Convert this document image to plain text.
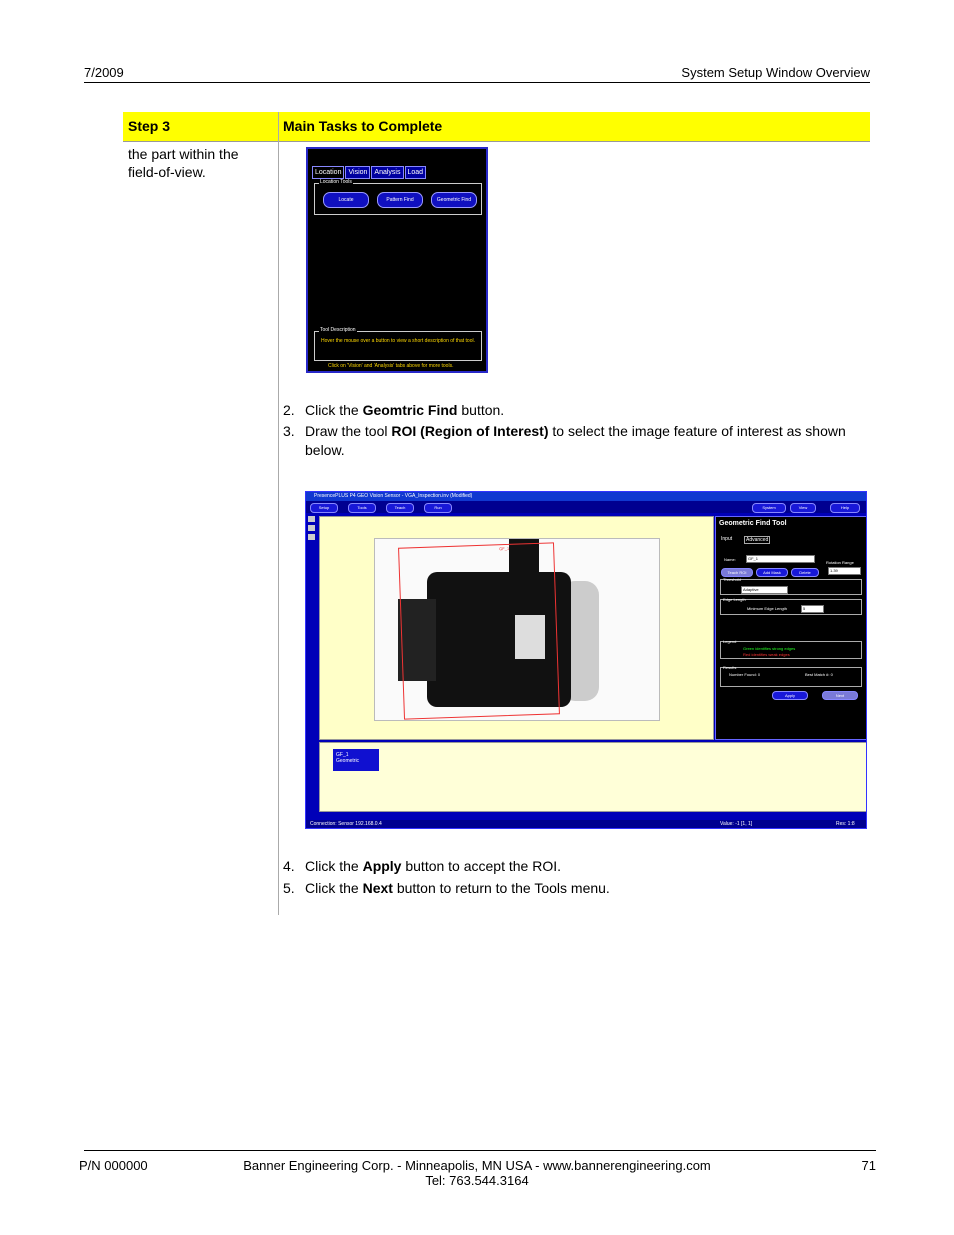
7/2009	System Setup Window Overview
Step 3	Main Tasks to Complete
the part within the field-of-view.	Location Vision Analysis Load
Location Tools
Locate	Pattern Find	Geometric Find
Tool Description
Hover the mouse over a button to view a short description of that tool.
Click on 'Vision' and 'Analysis' tabs above for more tools.
2. Click the Geomtric Find button.
3. Draw the tool ROI (Region of Interest) to select the image feature of interest as shown below.
PresencePLUS P4 GEO Vision Sensor - VGA_Inspection.inv (Modified)
Setup	Tools	Teach	Run	System	View	Help
GF_1
Geometric Find Tool
Input	Advanced
Name:	GF_1
Rotation Range
1.39
Teach ROI	Add Mask	Delete
Threshold
Adaptive
Edge Length
Minimum Edge Length	5
Legend
Green identifies strong edges
Red identifies weak edges
Results
Number Found: 0	Best Match #: 0
Apply	Next
GF_1
Geometric
Connection: Sensor 192.168.0.4	Value: -1 [1, 1]	Res: 1:8
4. Click the Apply button to accept the ROI.
5. Click the Next button to return to the Tools menu.
P/N 000000	Banner Engineering Corp. - Minneapolis, MN USA - www.bannerengineering.com
Tel: 763.544.3164
71
